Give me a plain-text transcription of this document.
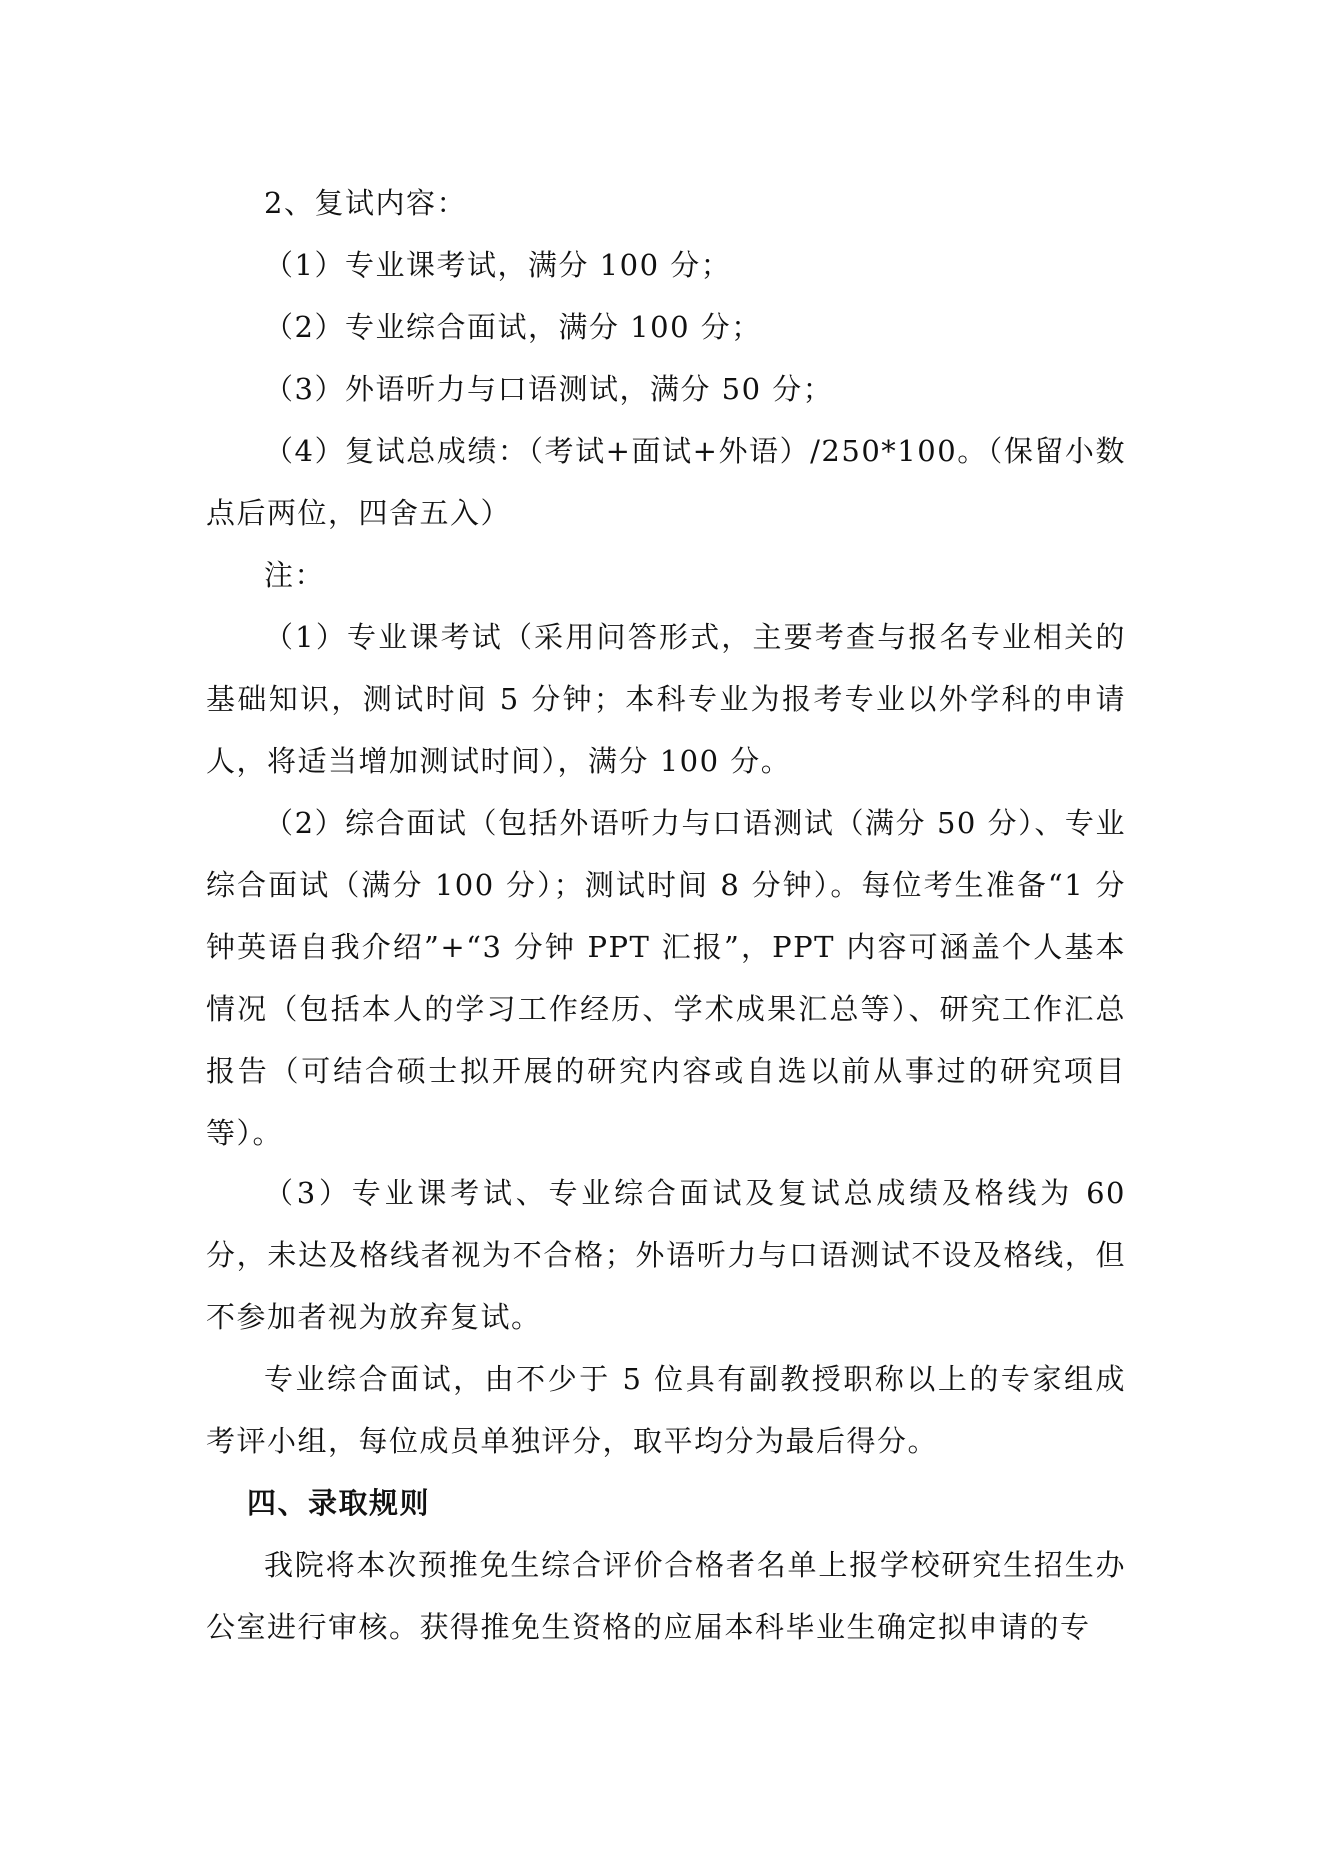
2、复试内容：

（1）专业课考试，满分 100 分；

（2）专业综合面试，满分 100 分；

（3）外语听力与口语测试，满分 50 分；

（4）复试总成绩：（考试+面试+外语）/250*100。（保留小数点后两位，四舍五入）

注：

（1）专业课考试（采用问答形式，主要考查与报名专业相关的基础知识，测试时间 5 分钟；本科专业为报考专业以外学科的申请人，将适当增加测试时间），满分 100 分。

（2）综合面试（包括外语听力与口语测试（满分 50 分）、专业综合面试（满分 100 分）；测试时间 8 分钟）。每位考生准备“1 分钟英语自我介绍”+“3 分钟 PPT 汇报”，PPT 内容可涵盖个人基本情况（包括本人的学习工作经历、学术成果汇总等）、研究工作汇总报告（可结合硕士拟开展的研究内容或自选以前从事过的研究项目等）。

（3）专业课考试、专业综合面试及复试总成绩及格线为 60 分，未达及格线者视为不合格；外语听力与口语测试不设及格线，但不参加者视为放弃复试。

专业综合面试，由不少于 5 位具有副教授职称以上的专家组成考评小组，每位成员单独评分，取平均分为最后得分。

四、录取规则

我院将本次预推免生综合评价合格者名单上报学校研究生招生办公室进行审核。获得推免生资格的应届本科毕业生确定拟申请的专
